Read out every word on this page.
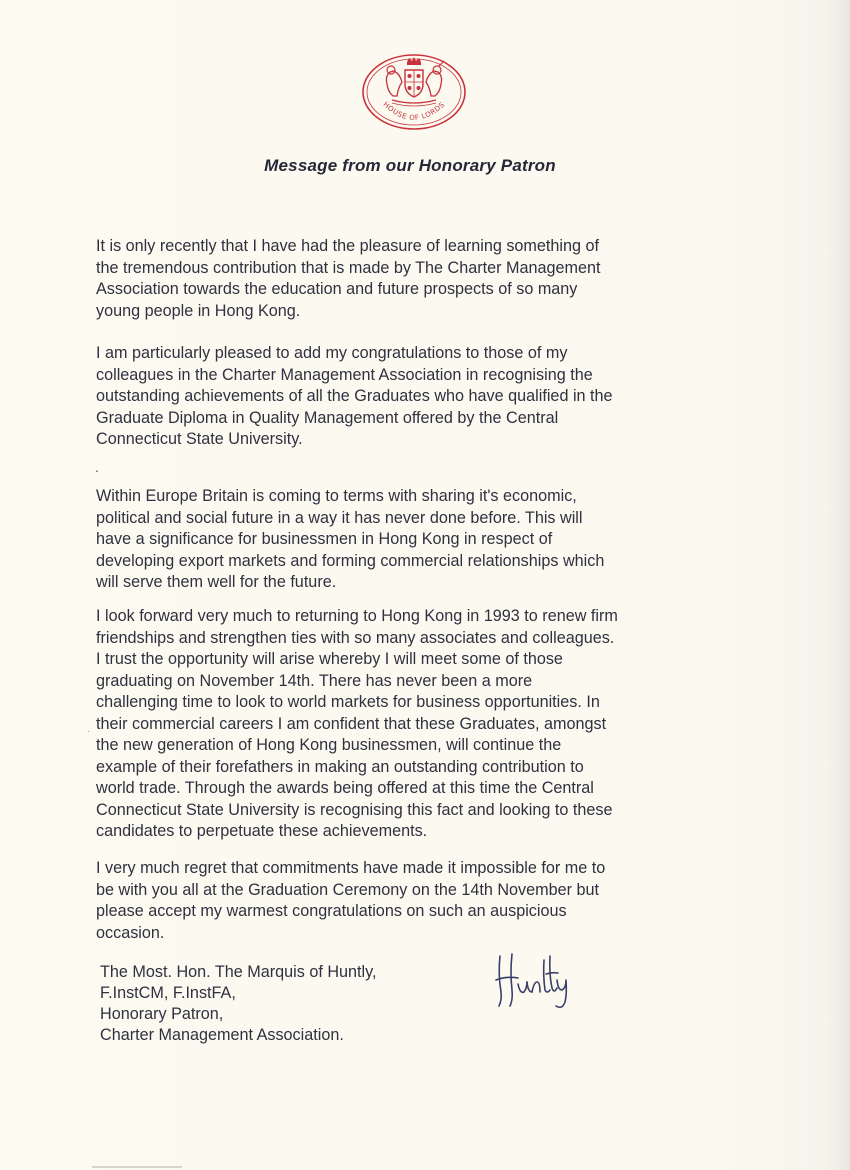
HOUSE OF LORDS
Message from our Honorary Patron

It is only recently that I have had the pleasure of learning something of
the tremendous contribution that is made by The Charter Management
Association towards the education and future prospects of so many
young people in Hong Kong.

I am particularly pleased to add my congratulations to those of my
colleagues in the Charter Management Association in recognising the
outstanding achievements of all the Graduates who have qualified in the
Graduate Diploma in Quality Management offered by the Central
Connecticut State University.

.

Within Europe Britain is coming to terms with sharing it's economic,
political and social future in a way it has never done before. This will
have a significance for businessmen in Hong Kong in respect of
developing export markets and forming commercial relationships which
will serve them well for the future.

I look forward very much to returning to Hong Kong in 1993 to renew firm
friendships and strengthen ties with so many associates and colleagues.
I trust the opportunity will arise whereby I will meet some of those
graduating on November 14th. There has never been a more
challenging time to look to world markets for business opportunities. In
their commercial careers I am confident that these Graduates, amongst
the new generation of Hong Kong businessmen, will continue the
example of their forefathers in making an outstanding contribution to
world trade. Through the awards being offered at this time the Central
Connecticut State University is recognising this fact and looking to these
candidates to perpetuate these achievements.

.

I very much regret that commitments have made it impossible for me to
be with you all at the Graduation Ceremony on the 14th November but
please accept my warmest congratulations on such an auspicious
occasion.

The Most. Hon. The Marquis of Huntly,
F.InstCM, F.InstFA,
Honorary Patron,
Charter Management Association.
